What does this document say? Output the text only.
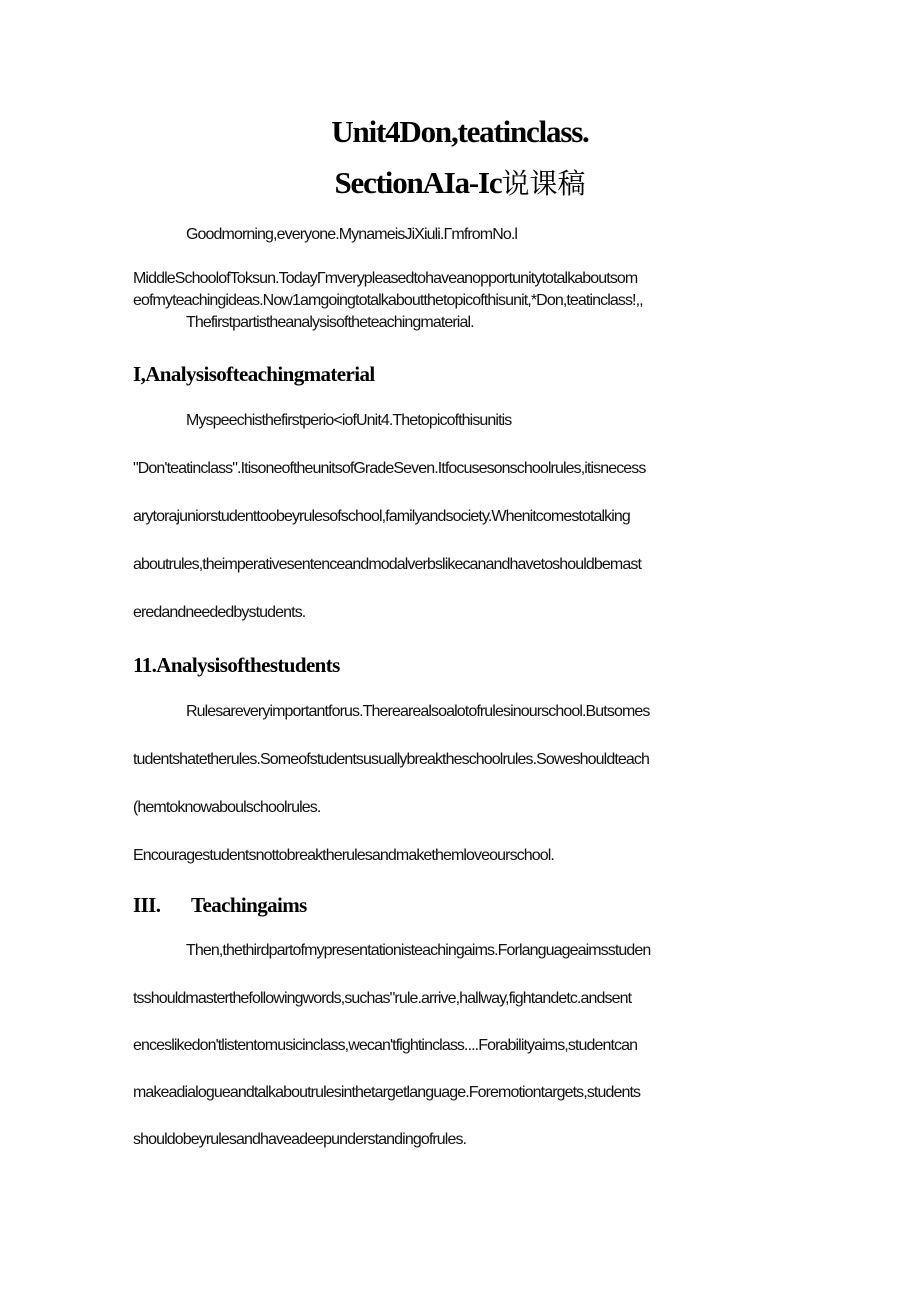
Unit4Don,teatinclass.
SectionAIa-Ic说课稿
Goodmorning,everyone.MynameisJiXiuli.ΓmfromNo.l
MiddleSchoolofToksun.TodayΓmverypleasedtohaveanopportunitytotalkaboutsom
eofmyteachingideas.Now1amgoingtotalkaboutthetopicofthisunit,*Don,teatinclass!,,
Thefirstpartistheanalysisoftheteachingmaterial.
I,Analysisofteachingmaterial
Myspeechisthefirstperio<iofUnit4.Thetopicofthisunitis
"Don'teatinclass".ItisoneoftheunitsofGradeSeven.Itfocusesonschoolrules,itisnecess
arytorajuniorstudenttoobeyrulesofschool,familyandsociety.Whenitcomestotalking
aboutrules,theimperativesentenceandmodalverbslikecanandhavetoshouldbemast
eredandneededbystudents.
11.Analysisofthestudents
Rulesareveryimportantforus.Therearealsoalotofrulesinourschool.Butsomes
tudentshatetherules.Someofstudentsusuallybreaktheschoolrules.Soweshouldteach
(hemtoknowaboulschoolrules.
Encouragestudentsnottobreaktherulesandmakethemloveourschool.
III. Teachingaims
Then,thethirdpartofmypresentationisteachingaims.Forlanguageaimsstuden
tsshouldmasterthefollowingwords,suchas"rule.arrive,hallway,fightandetc.andsent
enceslikedon'tlistentomusicinclass,wecan'tfightinclass....Forabilityaims,studentcan
makeadialogueandtalkaboutrulesinthetargetlanguage.Foremotiontargets,students
shouldobeyrulesandhaveadeepunderstandingofrules.
